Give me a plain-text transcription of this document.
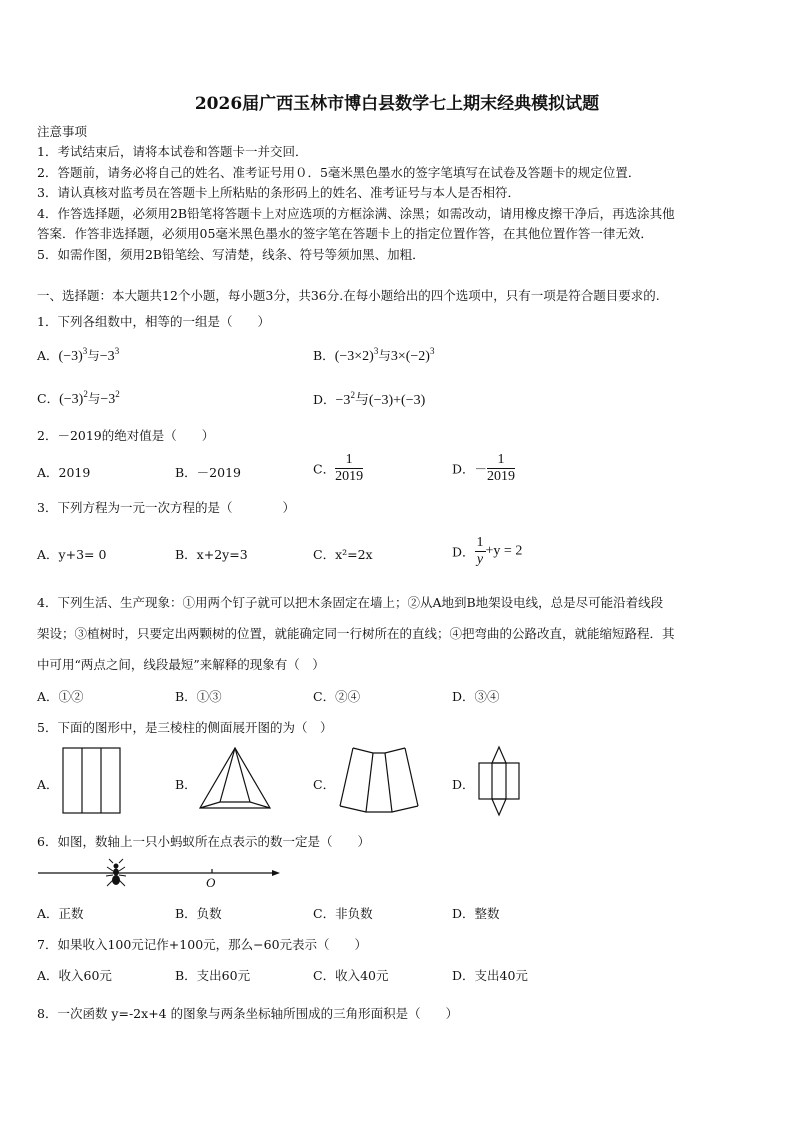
2026届广西玉林市博白县数学七上期末经典模拟试题
注意事项
1．考试结束后，请将本试卷和答题卡一并交回．
2．答题前，请务必将自己的姓名、准考证号用０．5毫米黑色墨水的签字笔填写在试卷及答题卡的规定位置．
3．请认真核对监考员在答题卡上所粘贴的条形码上的姓名、准考证号与本人是否相符．
4．作答选择题，必须用2B铅笔将答题卡上对应选项的方框涂满、涂黑；如需改动，请用橡皮擦干净后，再选涂其他
答案．作答非选择题，必须用05毫米黑色墨水的签字笔在答题卡上的指定位置作答，在其他位置作答一律无效．
5．如需作图，须用2B铅笔绘、写清楚，线条、符号等须加黑、加粗．
一、选择题：本大题共12个小题，每小题3分，共36分.在每小题给出的四个选项中，只有一项是符合题目要求的.
1．下列各组数中，相等的一组是（　　）
A．$(-3)^3$与$-3^3$	B．$(-3\times 2)^3$与$3\times(-2)^3$
C．$(-3)^2$与$-3^2$	D．$-3^2$与(−3)+(−3)
2．－2019的绝对值是（　　）
A．2019	B．－2019	C． $\frac{1}{2019}$	D．－ $\frac{1}{2019}$
3．下列方程为一元一次方程的是（　　　　）
A．y+3= 0	B．x+2y=3	C．x²=2x	D． $\frac{1}{y} +y = 2$
4．下列生活、生产现象：①用两个钉子就可以把木条固定在墙上；②从A地到B地架设电线，总是尽可能沿着线段
架设；③植树时，只要定出两颗树的位置，就能确定同一行树所在的直线；④把弯曲的公路改直，就能缩短路程．其
中可用“两点之间，线段最短”来解释的现象有（　）
A．①②	B．①③	C．②④	D．③④
5．下面的图形中，是三棱柱的侧面展开图的为（　）
A．	B．	C．	D．
6．如图，数轴上一只小蚂蚁所在点表示的数一定是（　　）
O
A．正数	B．负数	C．非负数	D．整数
7．如果收入100元记作+100元，那么−60元表示（　　）
A．收入60元	B．支出60元	C．收入40元	D．支出40元
8．一次函数 y=-2x+4 的图象与两条坐标轴所围成的三角形面积是（　　）
